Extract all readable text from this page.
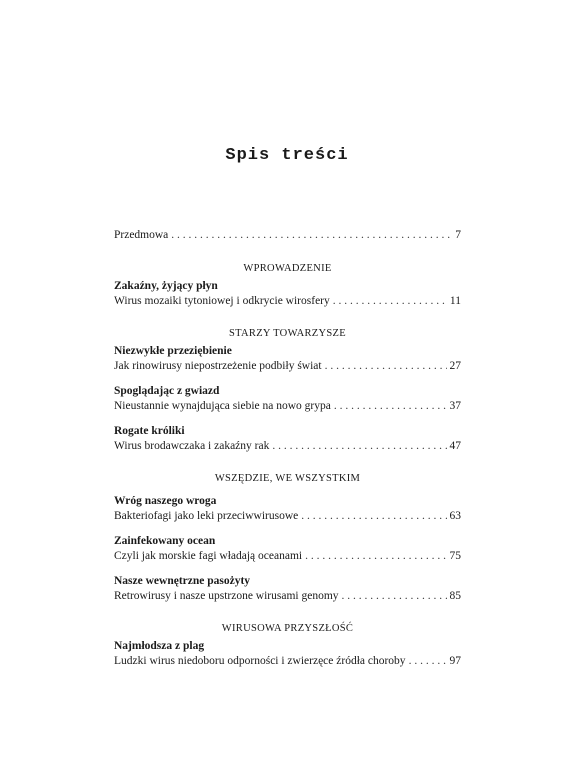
Spis treści
Przedmowa . . .	7
WPROWADZENIE
Zakaźny, żyjący płyn
Wirus mozaiki tytoniowej i odkrycie wirosfery . . .	11
STARZY TOWARZYSZE
Niezwykłe przeziębienie
Jak rinowirusy niepostrzeżenie podbiły świat . . .	27
Spoglądając z gwiazd
Nieustannie wynajdująca siebie na nowo grypa . . .	37
Rogate króliki
Wirus brodawczaka i zakaźny rak . . .	47
WSZĘDZIE, WE WSZYSTKIM
Wróg naszego wroga
Bakteriofagi jako leki przeciwwirusowe . . .	63
Zainfekowany ocean
Czyli jak morskie fagi władają oceanami . . .	75
Nasze wewnętrzne pasożyty
Retrowirusy i nasze upstrzone wirusami genomy . . .	85
WIRUSOWA PRZYSZŁOŚĆ
Najmłodsza z plag
Ludzki wirus niedoboru odporności i zwierzęce źródła choroby . . .	97
